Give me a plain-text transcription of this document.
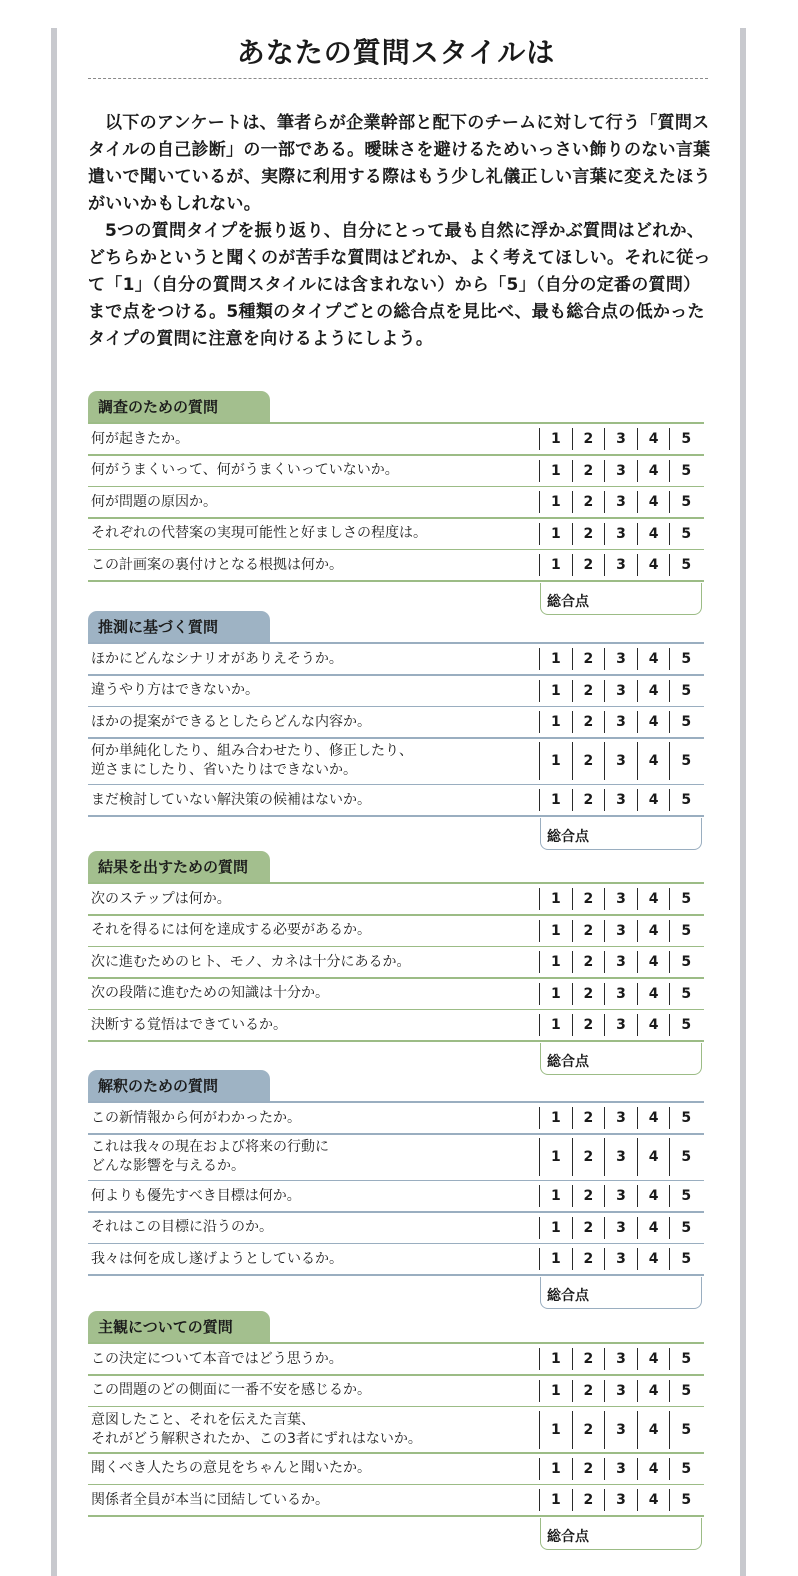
あなたの質問スタイルは

以下のアンケートは、筆者らが企業幹部と配下のチームに対して行う「質問スタイルの自己診断」の一部である。曖昧さを避けるためいっさい飾りのない言葉遣いで聞いているが、実際に利用する際はもう少し礼儀正しい言葉に変えたほうがいいかもしれない。

5つの質問タイプを振り返り、自分にとって最も自然に浮かぶ質問はどれか、どちらかというと聞くのが苦手な質問はどれか、よく考えてほしい。それに従って「1」（自分の質問スタイルには含まれない）から「5」（自分の定番の質問）まで点をつける。5種類のタイプごとの総合点を見比べ、最も総合点の低かったタイプの質問に注意を向けるようにしよう。

調査のための質問
何が起きたか。	1	2	3	4	5
何がうまくいって、何がうまくいっていないか。	1	2	3	4	5
何が問題の原因か。	1	2	3	4	5
それぞれの代替案の実現可能性と好ましさの程度は。	1	2	3	4	5
この計画案の裏付けとなる根拠は何か。	1	2	3	4	5
総合点
推測に基づく質問
ほかにどんなシナリオがありえそうか。	1	2	3	4	5
違うやり方はできないか。	1	2	3	4	5
ほかの提案ができるとしたらどんな内容か。	1	2	3	4	5
何か単純化したり、組み合わせたり、修正したり、
逆さまにしたり、省いたりはできないか。
1	2	3	4	5
まだ検討していない解決策の候補はないか。	1	2	3	4	5
総合点
結果を出すための質問
次のステップは何か。	1	2	3	4	5
それを得るには何を達成する必要があるか。	1	2	3	4	5
次に進むためのヒト、モノ、カネは十分にあるか。	1	2	3	4	5
次の段階に進むための知識は十分か。	1	2	3	4	5
決断する覚悟はできているか。	1	2	3	4	5
総合点
解釈のための質問
この新情報から何がわかったか。	1	2	3	4	5
これは我々の現在および将来の行動に
どんな影響を与えるか。
1	2	3	4	5
何よりも優先すべき目標は何か。	1	2	3	4	5
それはこの目標に沿うのか。	1	2	3	4	5
我々は何を成し遂げようとしているか。	1	2	3	4	5
総合点
主観についての質問
この決定について本音ではどう思うか。	1	2	3	4	5
この問題のどの側面に一番不安を感じるか。	1	2	3	4	5
意図したこと、それを伝えた言葉、
それがどう解釈されたか、この3者にずれはないか。
1	2	3	4	5
聞くべき人たちの意見をちゃんと聞いたか。	1	2	3	4	5
関係者全員が本当に団結しているか。	1	2	3	4	5
総合点
